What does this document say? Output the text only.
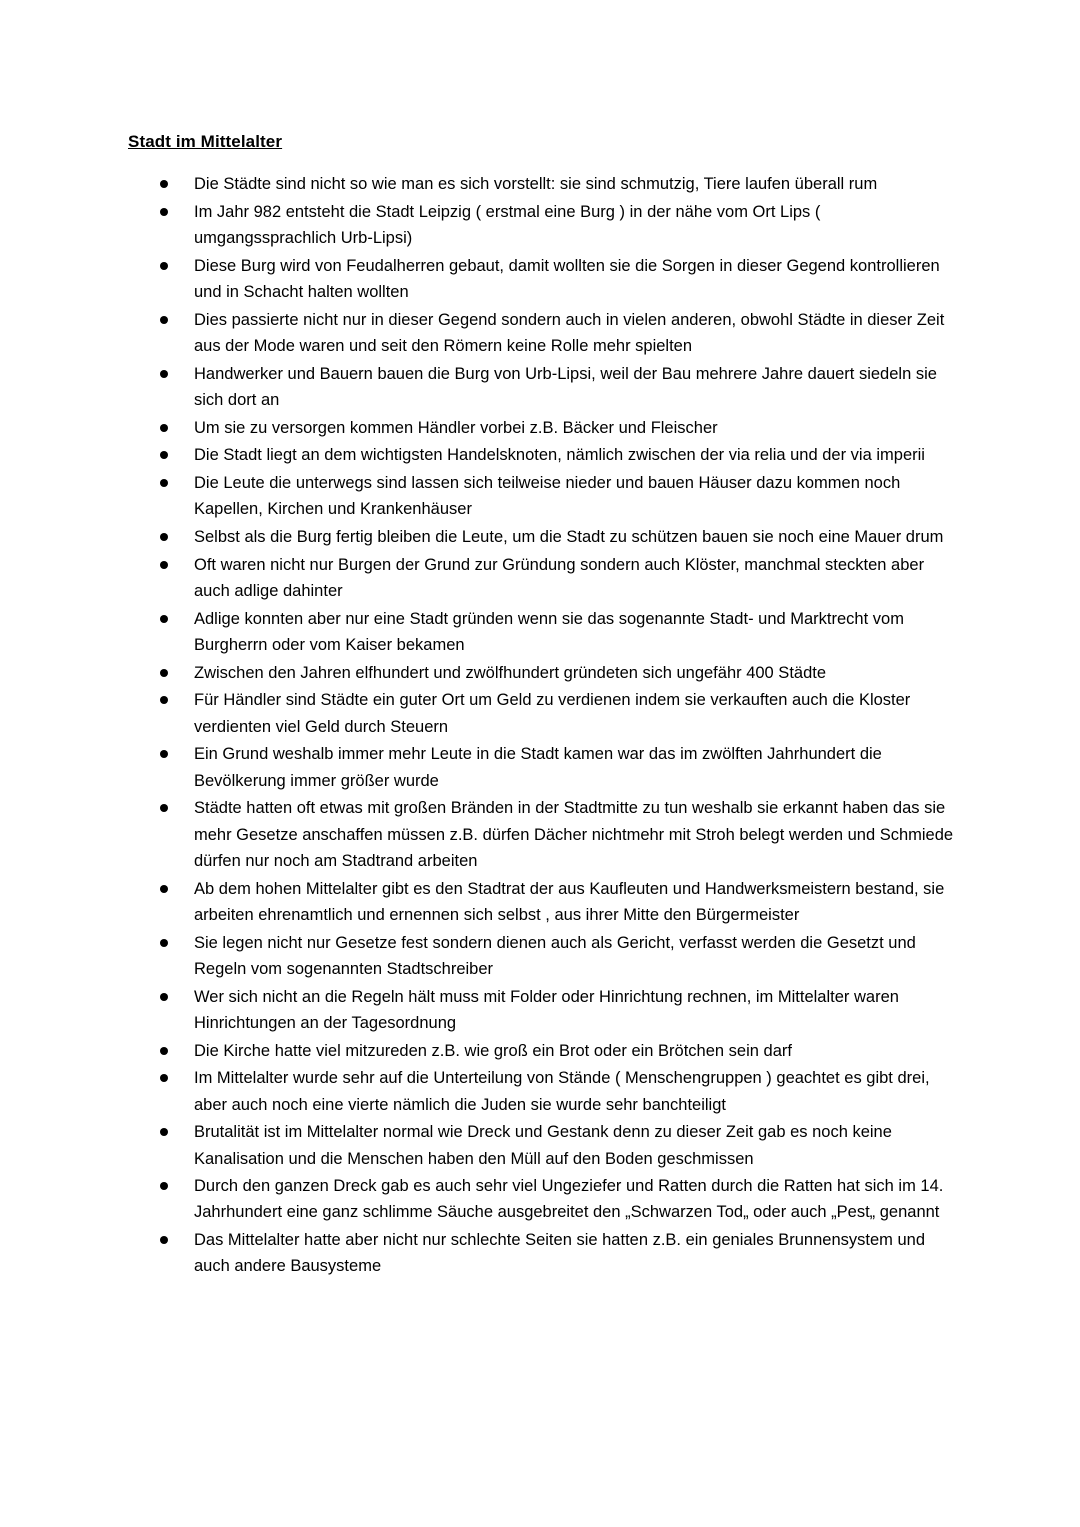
Stadt im Mittelalter
Die Städte sind nicht so wie man es sich vorstellt: sie sind schmutzig, Tiere laufen überall rum
Im Jahr 982 entsteht die Stadt Leipzig ( erstmal eine Burg ) in der nähe vom Ort Lips ( umgangssprachlich Urb-Lipsi)
Diese Burg wird von Feudalherren gebaut, damit wollten sie die Sorgen in dieser Gegend kontrollieren und in Schacht halten wollten
Dies passierte nicht nur in dieser Gegend sondern auch in vielen anderen, obwohl Städte in dieser Zeit aus der Mode waren und seit den Römern keine Rolle mehr spielten
Handwerker und Bauern bauen die Burg von Urb-Lipsi, weil der Bau mehrere Jahre dauert siedeln sie sich dort an
Um sie zu versorgen kommen Händler vorbei z.B. Bäcker und Fleischer
Die Stadt liegt an dem wichtigsten Handelsknoten, nämlich zwischen der via relia und der via imperii
Die Leute die unterwegs sind lassen sich teilweise nieder und bauen Häuser dazu kommen noch Kapellen, Kirchen und Krankenhäuser
Selbst als die Burg fertig bleiben die Leute, um die Stadt zu schützen bauen sie noch eine Mauer drum
Oft waren nicht nur Burgen der Grund zur Gründung sondern auch Klöster, manchmal steckten aber auch adlige dahinter
Adlige konnten aber nur eine Stadt gründen wenn sie das sogenannte Stadt- und Marktrecht vom Burgherrn oder vom Kaiser bekamen
Zwischen den Jahren elfhundert und zwölfhundert gründeten sich ungefähr 400 Städte
Für Händler sind Städte ein guter Ort um Geld zu verdienen indem sie verkauften auch die Kloster verdienten viel Geld durch Steuern
Ein Grund weshalb immer mehr Leute in die Stadt kamen war das im zwölften Jahrhundert die Bevölkerung immer größer wurde
Städte hatten oft etwas mit großen Bränden in der Stadtmitte zu tun weshalb sie erkannt haben das sie mehr Gesetze anschaffen müssen z.B. dürfen Dächer nichtmehr mit Stroh belegt werden und Schmiede dürfen nur noch am Stadtrand arbeiten
Ab dem hohen Mittelalter gibt es den Stadtrat der aus Kaufleuten und Handwerksmeistern bestand, sie arbeiten ehrenamtlich und ernennen sich selbst , aus ihrer Mitte den Bürgermeister
Sie legen nicht nur Gesetze fest sondern dienen auch als Gericht, verfasst werden die Gesetzt und Regeln vom sogenannten Stadtschreiber
Wer sich nicht an die Regeln hält muss mit Folder oder Hinrichtung rechnen, im Mittelalter waren Hinrichtungen an der Tagesordnung
Die Kirche hatte viel mitzureden z.B. wie groß ein Brot oder ein Brötchen sein darf
Im Mittelalter wurde sehr auf die Unterteilung von Stände ( Menschengruppen ) geachtet es gibt drei, aber auch noch eine vierte nämlich die Juden sie wurde sehr banchteiligt
Brutalität ist im Mittelalter normal wie Dreck und Gestank denn zu dieser Zeit gab es noch keine Kanalisation und die Menschen haben den Müll auf den Boden geschmissen
Durch den ganzen Dreck gab es auch sehr viel Ungeziefer und Ratten durch die Ratten hat sich im 14. Jahrhundert eine ganz schlimme Säuche ausgebreitet den „Schwarzen Tod„ oder auch „Pest„ genannt
Das Mittelalter hatte aber nicht nur schlechte Seiten sie hatten z.B. ein geniales Brunnensystem und auch andere Bausysteme
